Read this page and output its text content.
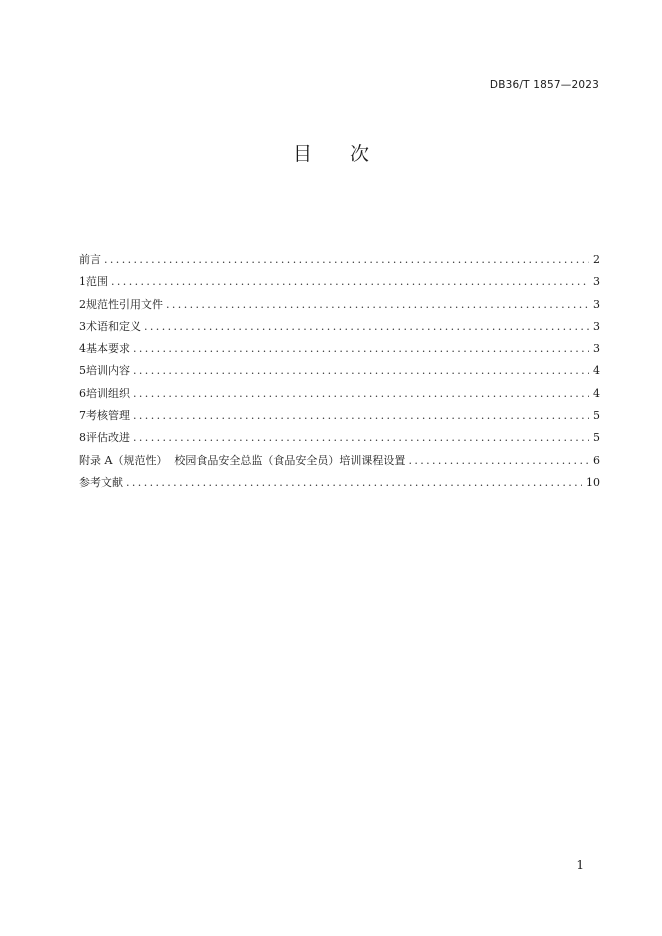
DB36/T 1857—2023
目 次
前言 .....	2
1 范围 .....	3
2 规范性引用文件 .....	3
3 术语和定义 .....	3
4 基本要求 .....	3
5 培训内容 .....	4
6 培训组织 .....	4
7 考核管理 .....	5
8 评估改进 .....	5
附录 A（规范性）  校园食品安全总监（食品安全员）培训课程设置 .....	6
参考文献 .....	10
1
